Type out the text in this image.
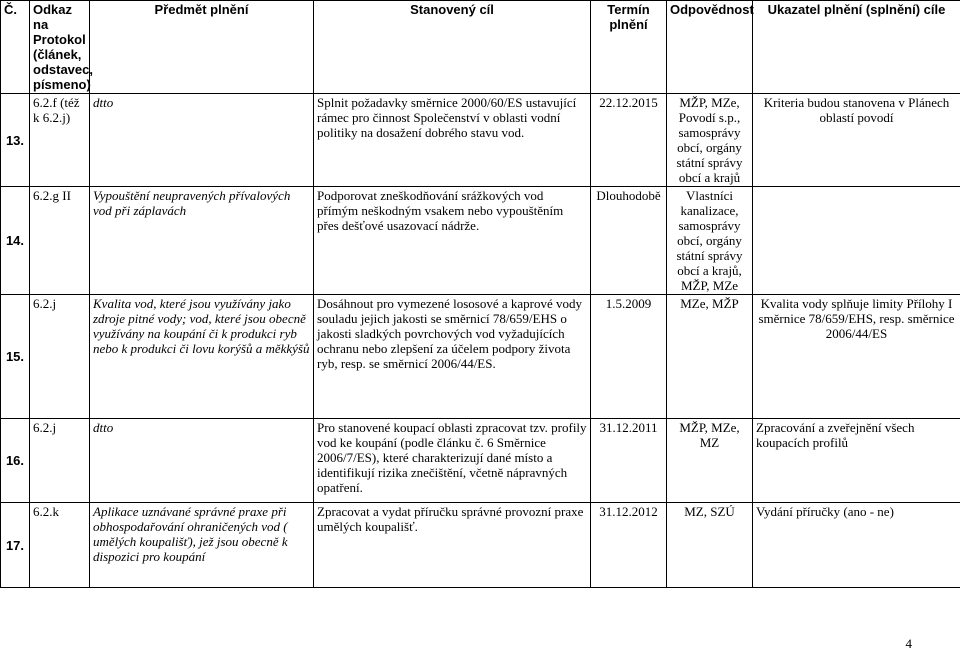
Č.	Odkaz na Protokol (článek, odstavec, písmeno)	Předmět plnění	Stanovený cíl	Termín plnění	Odpovědnost	Ukazatel plnění (splnění) cíle
13.	6.2.f (též k 6.2.j)	dtto	Splnit požadavky směrnice 2000/60/ES ustavující rámec pro činnost Společenství v oblasti vodní politiky na dosažení dobrého stavu vod.	22.12.2015	MŽP, MZe, Povodí s.p., samosprávy obcí, orgány státní správy obcí a krajů	Kriteria budou stanovena v Plánech oblastí povodí
14.	6.2.g II	Vypouštění neupravených přívalových vod při záplavách	Podporovat zneškodňování srážkových vod přímým neškodným vsakem nebo vypouštěním přes dešťové usazovací nádrže.	Dlouhodobě	Vlastníci kanalizace, samosprávy obcí, orgány státní správy obcí a krajů, MŽP, MZe	
15.	6.2.j	Kvalita vod, které jsou využívány jako zdroje pitné vody; vod, které jsou obecně využívány na koupání či k produkci ryb nebo k produkci či lovu korýšů a měkkýšů	Dosáhnout pro vymezené lososové a kaprové vody souladu jejich jakosti se směrnicí 78/659/EHS o jakosti sladkých povrchových vod vyžadujících ochranu nebo zlepšení za účelem podpory života ryb, resp. se směrnicí 2006/44/ES.	1.5.2009	MZe, MŽP	Kvalita vody splňuje limity Přílohy I směrnice 78/659/EHS, resp. směrnice 2006/44/ES
16.	6.2.j	dtto	Pro stanovené koupací oblasti zpracovat tzv. profily vod ke koupání (podle článku č. 6 Směrnice 2006/7/ES), které charakterizují dané místo a identifikují rizika znečištění, včetně nápravných opatření.	31.12.2011	MŽP, MZe, MZ	Zpracování a zveřejnění všech koupacích profilů
17.	6.2.k	Aplikace uznávané správné praxe při obhospodařování ohraničených vod ( umělých koupališť), jež jsou obecně k dispozici pro koupání	Zpracovat a vydat příručku správné provozní praxe umělých koupališť.	31.12.2012	MZ, SZÚ	Vydání příručky (ano - ne)
4
